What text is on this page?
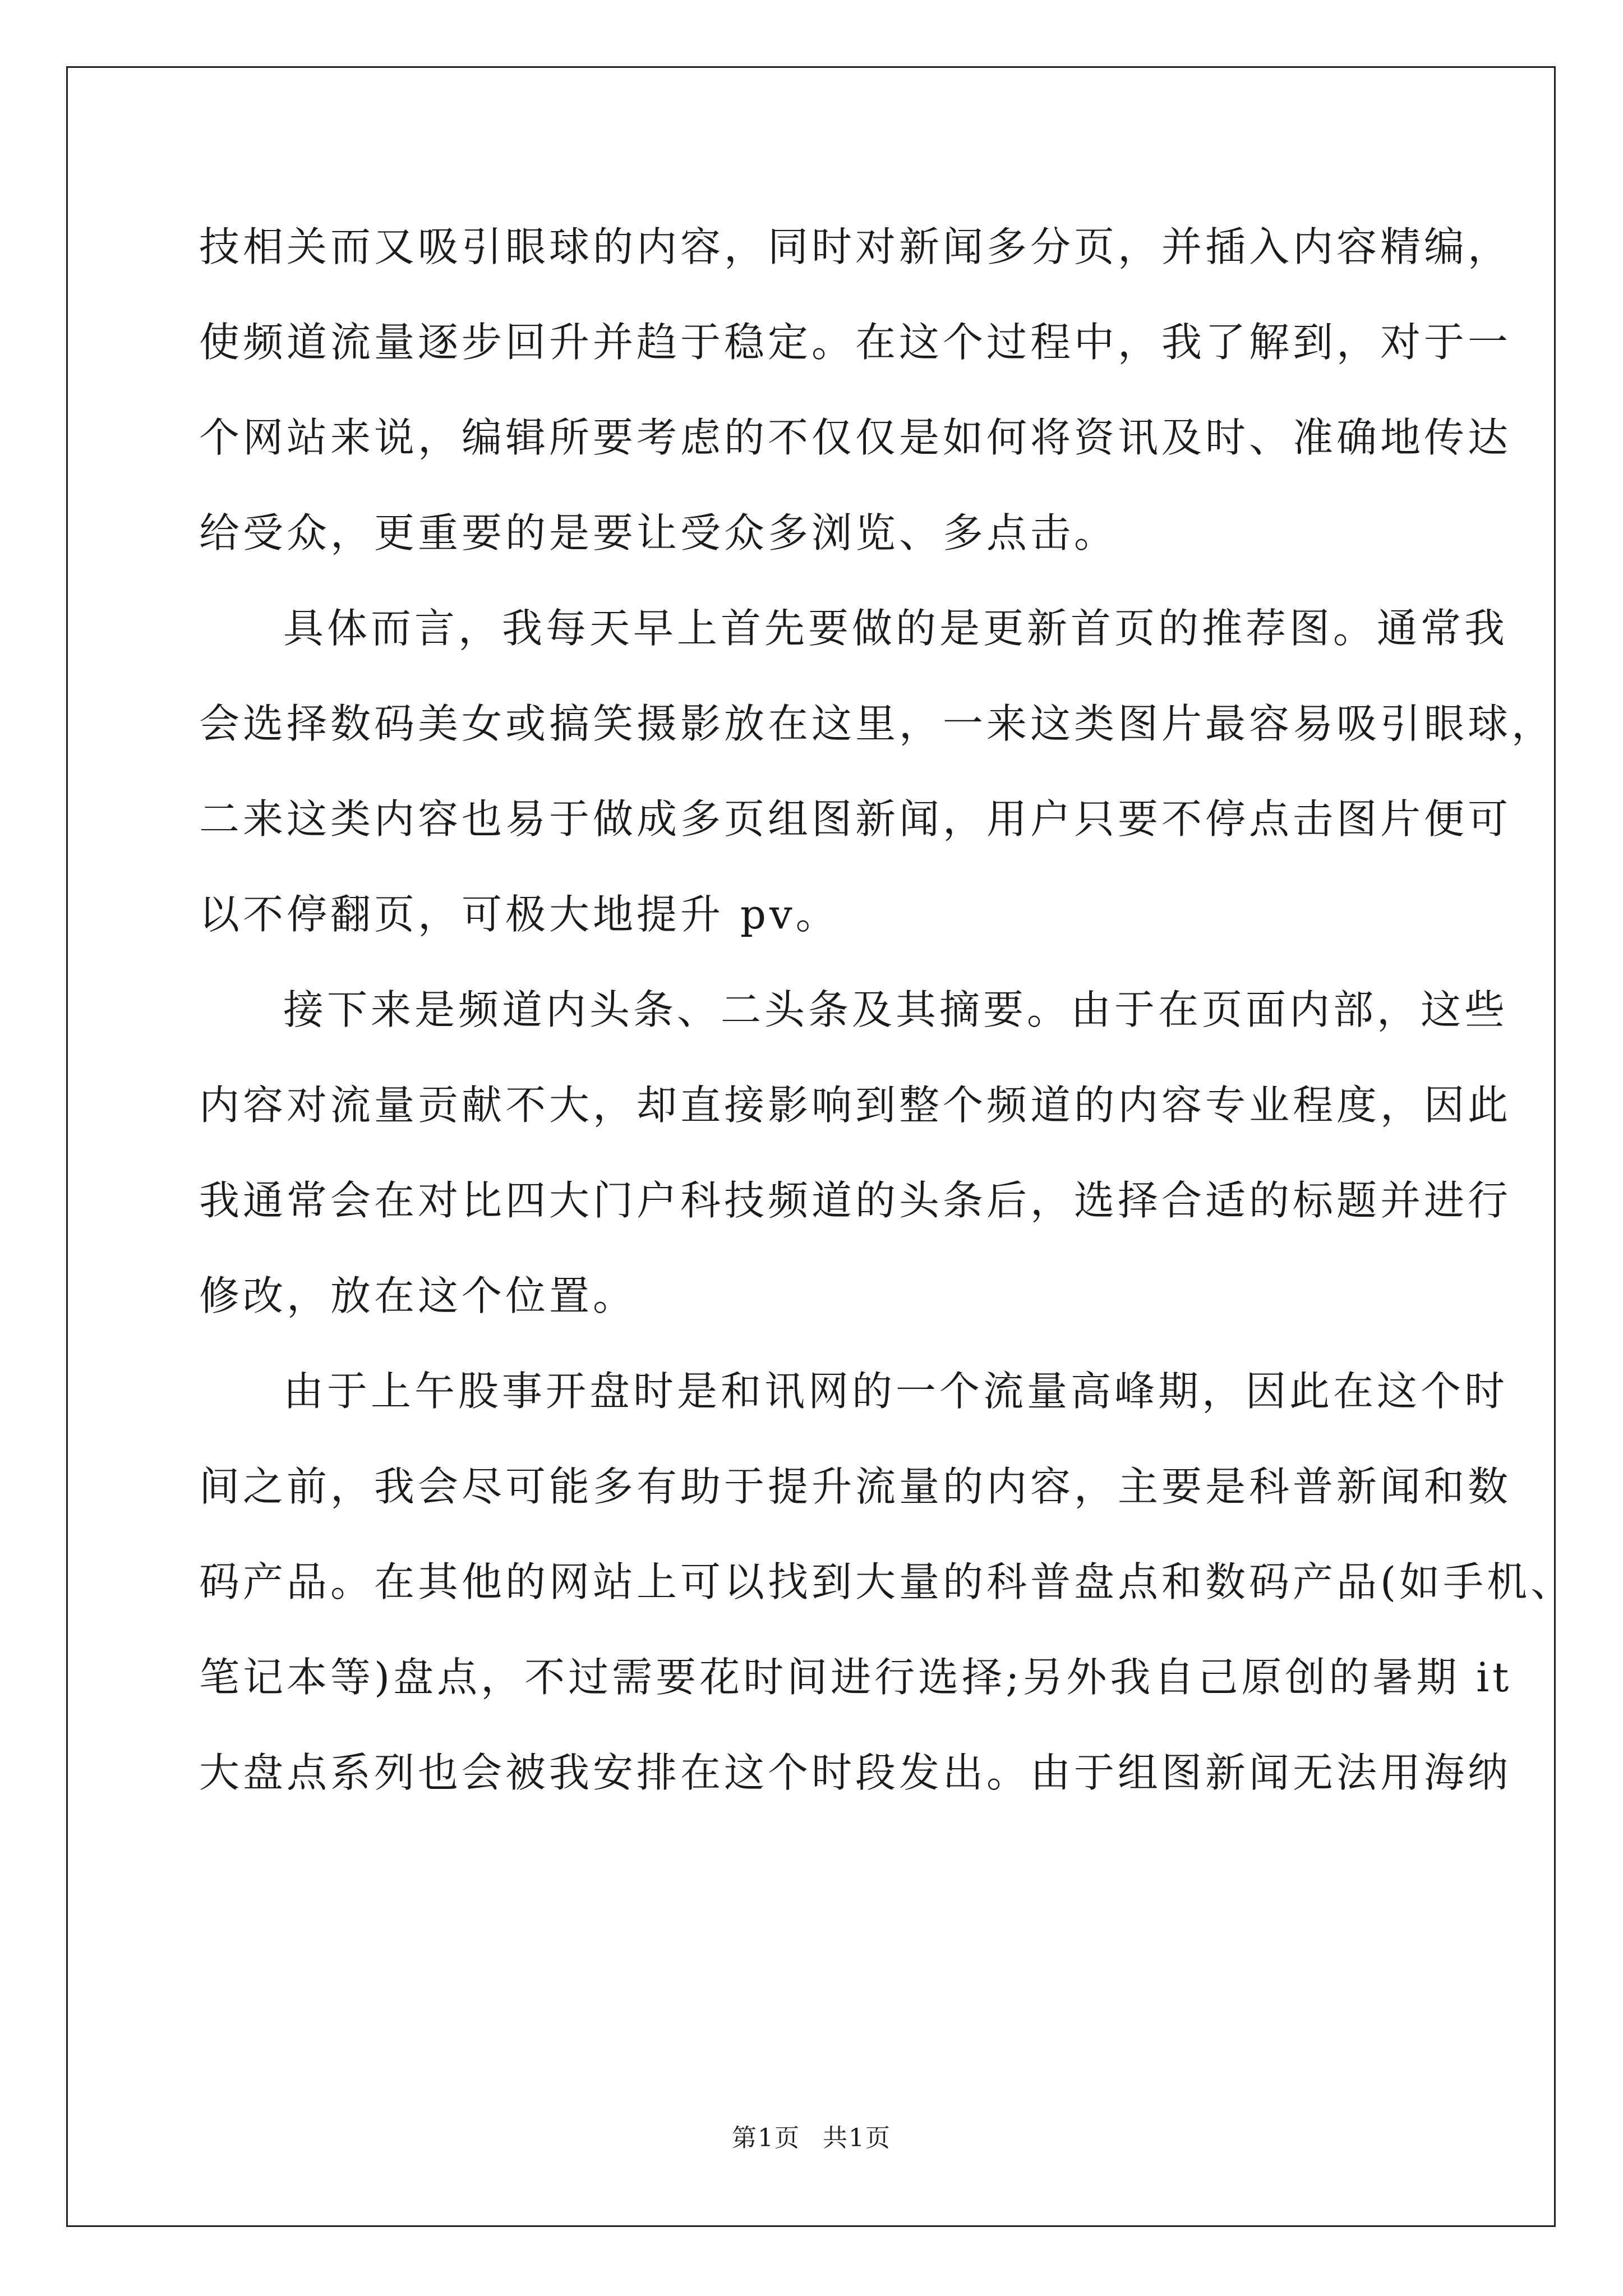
技相关而又吸引眼球的内容，同时对新闻多分页，并插入内容精编，

使频道流量逐步回升并趋于稳定。在这个过程中，我了解到，对于一

个网站来说，编辑所要考虑的不仅仅是如何将资讯及时、准确地传达

给受众，更重要的是要让受众多浏览、多点击。

具体而言，我每天早上首先要做的是更新首页的推荐图。通常我

会选择数码美女或搞笑摄影放在这里，一来这类图片最容易吸引眼球，

二来这类内容也易于做成多页组图新闻，用户只要不停点击图片便可

以不停翻页，可极大地提升 pv。

接下来是频道内头条、二头条及其摘要。由于在页面内部，这些

内容对流量贡献不大，却直接影响到整个频道的内容专业程度，因此

我通常会在对比四大门户科技频道的头条后，选择合适的标题并进行

修改，放在这个位置。

由于上午股事开盘时是和讯网的一个流量高峰期，因此在这个时

间之前，我会尽可能多有助于提升流量的内容，主要是科普新闻和数

码产品。在其他的网站上可以找到大量的科普盘点和数码产品(如手机、

笔记本等)盘点，不过需要花时间进行选择;另外我自己原创的暑期 it

大盘点系列也会被我安排在这个时段发出。由于组图新闻无法用海纳

第1页 共1页
